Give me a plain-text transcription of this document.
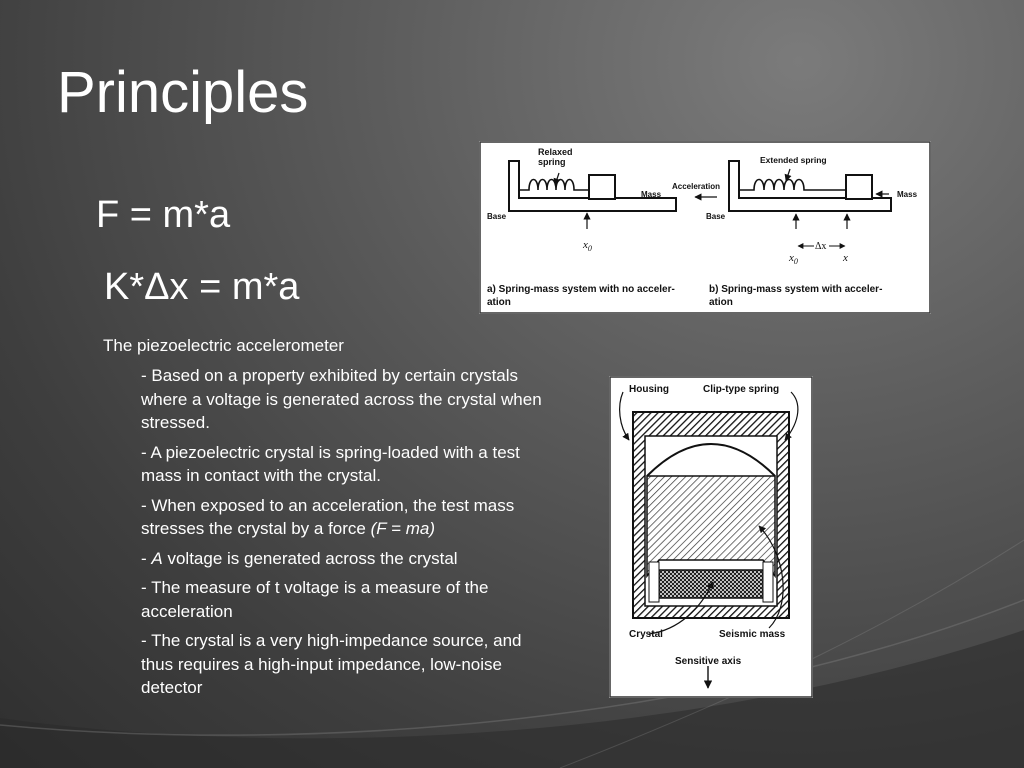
Principles
F = m*a
K*Δx = m*a
The piezoelectric accelerometer
- Based on a property exhibited by certain crystals where a voltage is generated across the crystal when stressed.
- A piezoelectric crystal is spring-loaded with a test mass in contact with the crystal.
- When exposed to an acceleration, the test mass stresses the crystal by a force (F = ma)
- A voltage is generated across the crystal
- The measure of t voltage is a measure of the acceleration
- The crystal is a very high-impedance source, and thus requires a high-input impedance, low-noise detector
Relaxed
spring
Mass
Base
$x_0$
Extended spring
Acceleration
Mass
Base
Δx
$x_0$	x
a) Spring-mass system with no acceler-
ation
b) Spring-mass system with acceler-
ation
Housing	Clip-type spring
Crystal	Seismic mass
Sensitive axis
